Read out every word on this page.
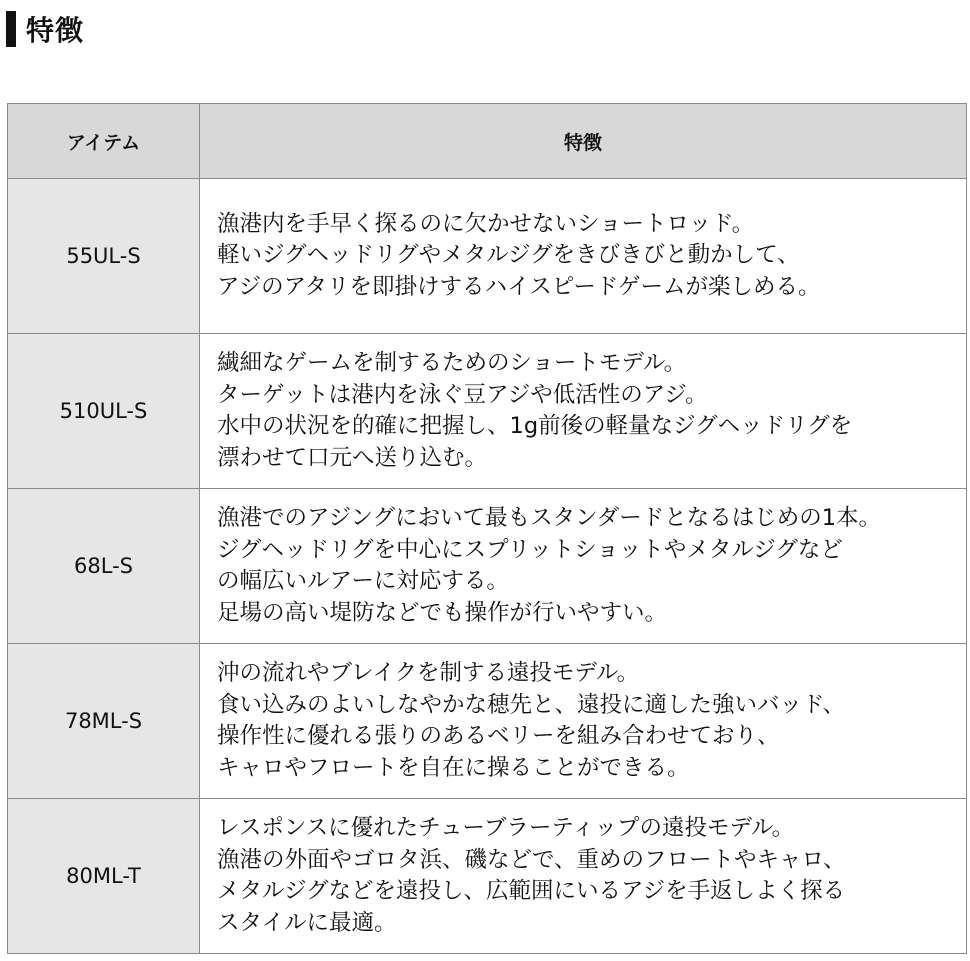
特徴
アイテム	特徴
55UL-S	漁港内を手早く探るのに欠かせないショートロッド。
軽いジグヘッドリグやメタルジグをきびきびと動かして、
アジのアタリを即掛けするハイスピードゲームが楽しめる。

510UL-S	繊細なゲームを制するためのショートモデル。
ターゲットは港内を泳ぐ豆アジや低活性のアジ。
水中の状況を的確に把握し、1g前後の軽量なジグヘッドリグを
漂わせて口元へ送り込む。

68L-S	漁港でのアジングにおいて最もスタンダードとなるはじめの1本。
ジグヘッドリグを中心にスプリットショットやメタルジグなど
の幅広いルアーに対応する。
足場の高い堤防などでも操作が行いやすい。

78ML-S	沖の流れやブレイクを制する遠投モデル。
食い込みのよいしなやかな穂先と、遠投に適した強いバッド、
操作性に優れる張りのあるベリーを組み合わせており、
キャロやフロートを自在に操ることができる。

80ML-T	レスポンスに優れたチューブラーティップの遠投モデル。
漁港の外面やゴロタ浜、磯などで、重めのフロートやキャロ、
メタルジグなどを遠投し、広範囲にいるアジを手返しよく探る
スタイルに最適。
